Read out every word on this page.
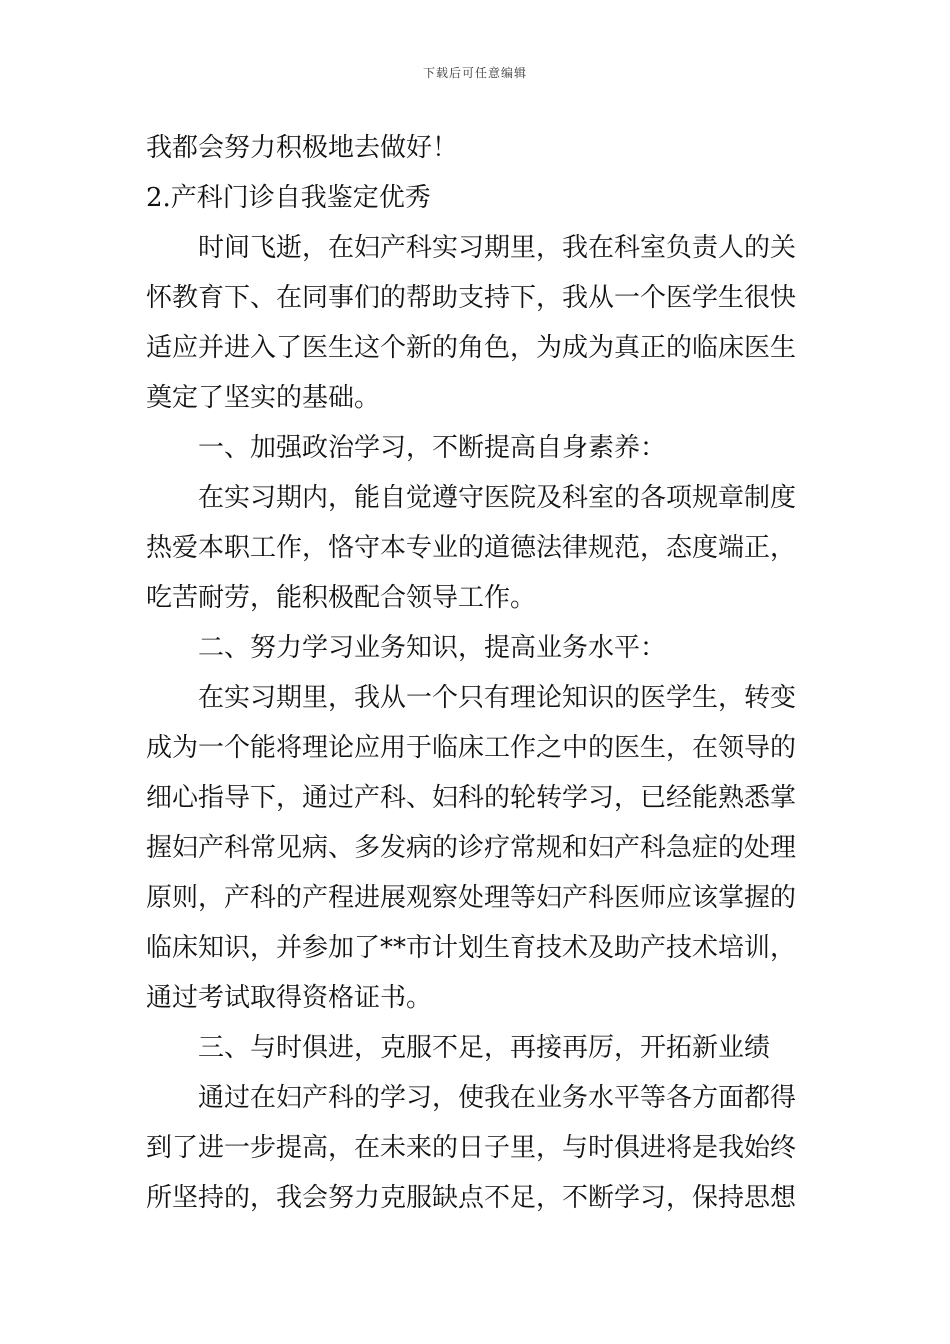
下载后可任意编辑
我都会努力积极地去做好！
2.产科门诊自我鉴定优秀
时间飞逝，在妇产科实习期里，我在科室负责人的关
怀教育下、在同事们的帮助支持下，我从一个医学生很快
适应并进入了医生这个新的角色，为成为真正的临床医生
奠定了坚实的基础。
一、加强政治学习，不断提高自身素养：
在实习期内，能自觉遵守医院及科室的各项规章制度
热爱本职工作，恪守本专业的道德法律规范，态度端正，
吃苦耐劳，能积极配合领导工作。
二、努力学习业务知识，提高业务水平：
在实习期里，我从一个只有理论知识的医学生，转变
成为一个能将理论应用于临床工作之中的医生，在领导的
细心指导下，通过产科、妇科的轮转学习，已经能熟悉掌
握妇产科常见病、多发病的诊疗常规和妇产科急症的处理
原则，产科的产程进展观察处理等妇产科医师应该掌握的
临床知识，并参加了**市计划生育技术及助产技术培训，
通过考试取得资格证书。
三、与时俱进，克服不足，再接再厉，开拓新业绩
通过在妇产科的学习，使我在业务水平等各方面都得
到了进一步提高，在未来的日子里，与时俱进将是我始终
所坚持的，我会努力克服缺点不足，不断学习，保持思想
